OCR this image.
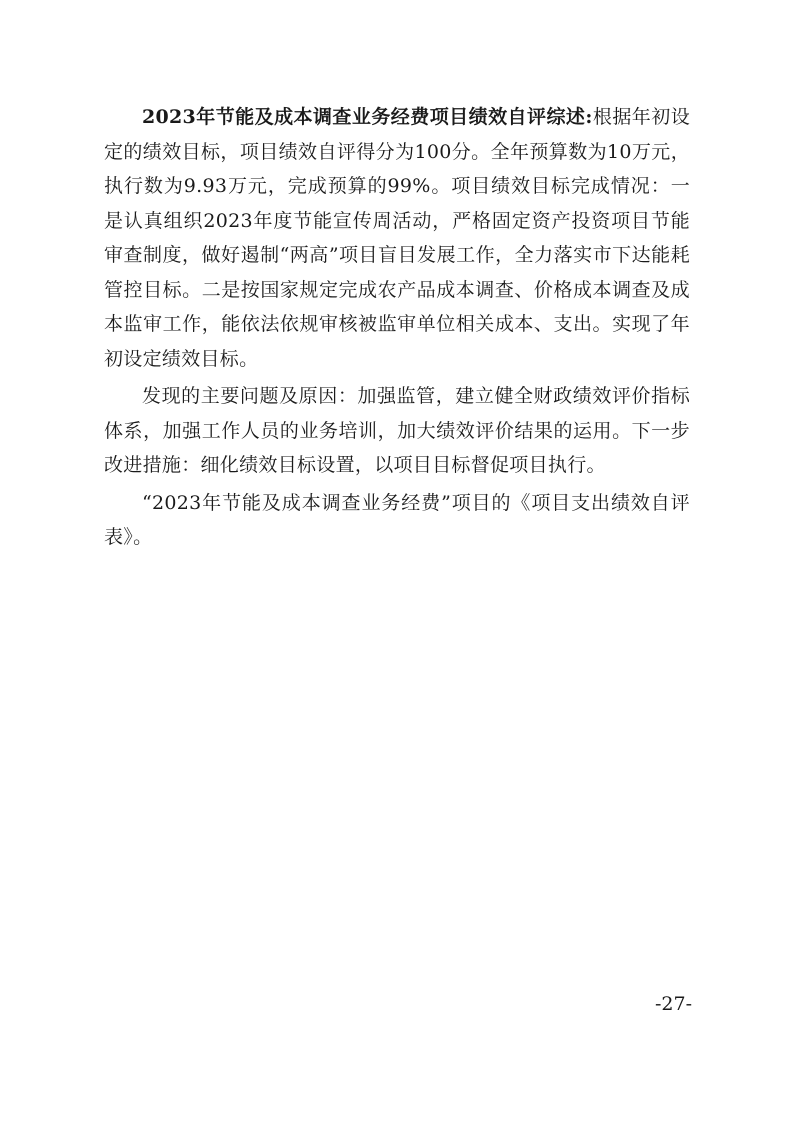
2023年节能及成本调查业务经费项目绩效自评综述:根据年初设定的绩效目标，项目绩效自评得分为100分。全年预算数为10万元，执行数为9.93万元，完成预算的99%。项目绩效目标完成情况：一是认真组织2023年度节能宣传周活动，严格固定资产投资项目节能审查制度，做好遏制“两高”项目盲目发展工作，全力落实市下达能耗管控目标。二是按国家规定完成农产品成本调查、价格成本调查及成本监审工作，能依法依规审核被监审单位相关成本、支出。实现了年初设定绩效目标。

发现的主要问题及原因：加强监管，建立健全财政绩效评价指标体系，加强工作人员的业务培训，加大绩效评价结果的运用。下一步改进措施：细化绩效目标设置，以项目目标督促项目执行。

“2023年节能及成本调查业务经费”项目的《项目支出绩效自评表》。

-27-
